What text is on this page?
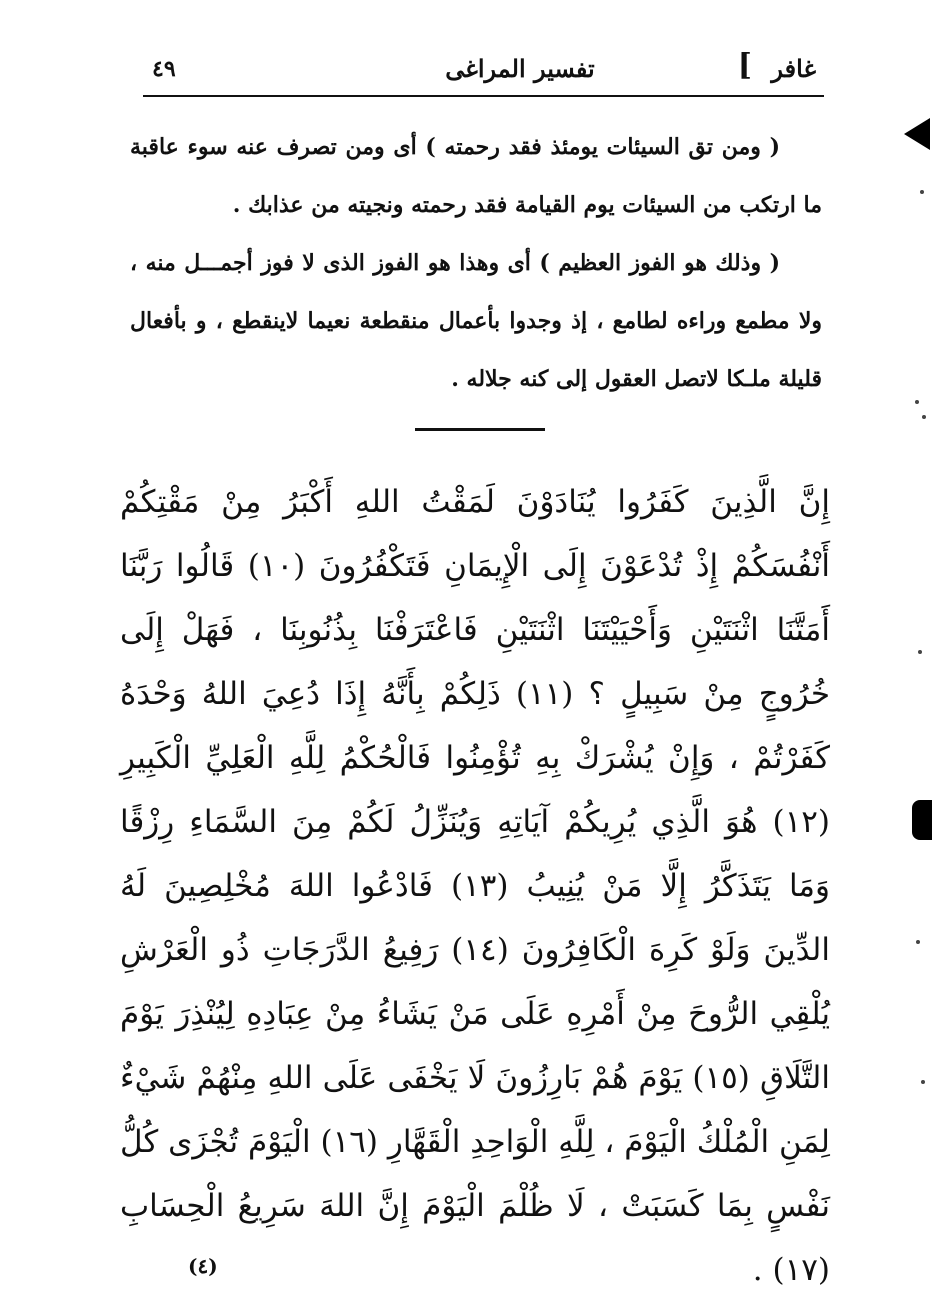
غافر
]
تفسير المراغى
٤٩

( ومن تق السيئات يومئذ فقد رحمته ) أى ومن تصرف عنه سوء عاقبة ما ارتكب من السيئات يوم القيامة فقد رحمته ونجيته من عذابك .

( وذلك هو الفوز العظيم ) أى وهذا هو الفوز الذى لا فوز أجمـــل منه ، ولا مطمع وراءه لطامع ، إذ وجدوا بأعمال منقطعة نعيما لاينقطع ، و بأفعال قليلة ملـكا لاتصل العقول إلى كنه جلاله .

إِنَّ الَّذِينَ كَفَرُوا يُنَادَوْنَ لَمَقْتُ اللهِ أَكْبَرُ مِنْ مَقْتِكُمْ أَنْفُسَكُمْ إِذْ تُدْعَوْنَ إِلَى الْإِيمَانِ فَتَكْفُرُونَ (١٠) قَالُوا رَبَّنَا أَمَتَّنَا اثْنَتَيْنِ وَأَحْيَيْتَنَا اثْنَتَيْنِ فَاعْتَرَفْنَا بِذُنُوبِنَا ، فَهَلْ إِلَى خُرُوجٍ مِنْ سَبِيلٍ ؟ (١١) ذَلِكُمْ بِأَنَّهُ إِذَا دُعِيَ اللهُ وَحْدَهُ كَفَرْتُمْ ، وَإِنْ يُشْرَكْ بِهِ تُؤْمِنُوا فَالْحُكْمُ لِلَّهِ الْعَلِيِّ الْكَبِيرِ (١٢) هُوَ الَّذِي يُرِيكُمْ آيَاتِهِ وَيُنَزِّلُ لَكُمْ مِنَ السَّمَاءِ رِزْقًا وَمَا يَتَذَكَّرُ إِلَّا مَنْ يُنِيبُ (١٣) فَادْعُوا اللهَ مُخْلِصِينَ لَهُ الدِّينَ وَلَوْ كَرِهَ الْكَافِرُونَ (١٤) رَفِيعُ الدَّرَجَاتِ ذُو الْعَرْشِ يُلْقِي الرُّوحَ مِنْ أَمْرِهِ عَلَى مَنْ يَشَاءُ مِنْ عِبَادِهِ لِيُنْذِرَ يَوْمَ التَّلَاقِ (١٥) يَوْمَ هُمْ بَارِزُونَ لَا يَخْفَى عَلَى اللهِ مِنْهُمْ شَيْءٌ لِمَنِ الْمُلْكُ الْيَوْمَ ، لِلَّهِ الْوَاحِدِ الْقَهَّارِ (١٦) الْيَوْمَ تُجْزَى كُلُّ نَفْسٍ بِمَا كَسَبَتْ ، لَا ظُلْمَ الْيَوْمَ إِنَّ اللهَ سَرِيعُ الْحِسَابِ (١٧) .

(٤)
